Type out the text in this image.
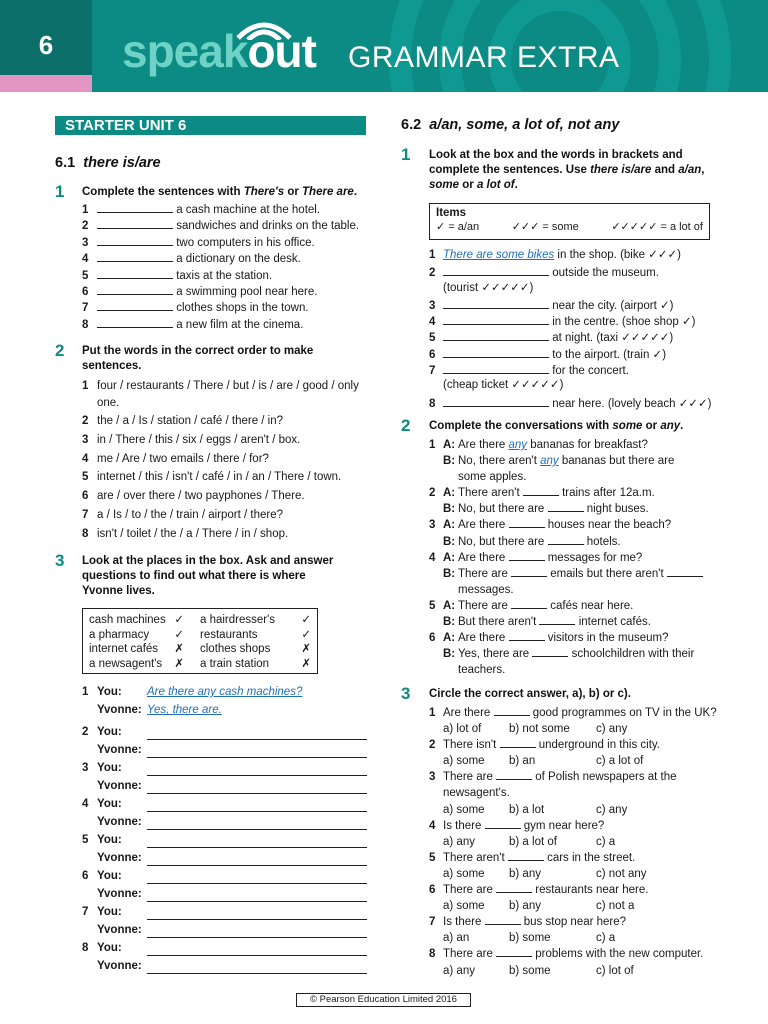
6	speakout GRAMMAR EXTRA
STARTER UNIT 6
6.1 there is/are
1 Complete the sentences with There's or There are.
1	a cash machine at the hotel.
2	sandwiches and drinks on the table.
3	two computers in his office.
4	a dictionary on the desk.
5	taxis at the station.
6	a swimming pool near here.
7	clothes shops in the town.
8	a new film at the cinema.
2 Put the words in the correct order to make sentences.
1 four / restaurants / There / but / is / are / good / only one.
2 the / a / Is / station / café / there / in?
3 in / There / this / six / eggs / aren't / box.
4 me / Are / two emails / there / for?
5 internet / this / isn't / café / in / an / There / town.
6 are / over there / two payphones / There.
7 a / Is / to / the / train / airport / there?
8 isn't / toilet / the / a / There / in / shop.
3 Look at the places in the box. Ask and answer questions to find out what there is where Yvonne lives.
cash machines ✓ a hairdresser's ✓
a pharmacy ✓ restaurants	✓
internet cafés ✗ clothes shops	✗
a newsagent's ✗ a train station	✗
1 You: Are there any cash machines?
Yvonne: Yes, there are.
2 You:
Yvonne:
3 You:
Yvonne:
4 You:
Yvonne:
5 You:
Yvonne:
6 You:
Yvonne:
7 You:
Yvonne:
8 You:
Yvonne:
6.2 a/an, some, a lot of, not any
1 Look at the box and the words in brackets and complete the sentences. Use there is/are and a/an, some or a lot of.
Items
✓ = a/an	✓✓✓ = some	✓✓✓✓✓ = a lot of
1 There are some bikes in the shop. (bike ✓✓✓)
2	outside the museum.
(tourist ✓✓✓✓✓)
3	near the city. (airport ✓)
4	in the centre. (shoe shop ✓)
5	at night. (taxi ✓✓✓✓✓)
6	to the airport. (train ✓)
7	for the concert.
(cheap ticket ✓✓✓✓✓)
8	near here. (lovely beach ✓✓✓)
2 Complete the conversations with some or any.
1 A: Are there any bananas for breakfast?
B: No, there aren't any bananas but there are
some apples.
2 A: There aren't	trains after 12a.m.
B: No, but there are	night buses.
3 A: Are there	houses near the beach?
B: No, but there are	hotels.
4 A: Are there	messages for me?
B: There are	emails but there aren't
messages.
5 A: There are	cafés near here.
B: But there aren't	internet cafés.
6 A: Are there	visitors in the museum?
B: Yes, there are	schoolchildren with their
teachers.
3 Circle the correct answer, a), b) or c).
1 Are there	good programmes on TV in the UK?
a) lot of b) not some c) any
2 There isn't	underground in this city.
a) some b) an	c) a lot of
3 There are	of Polish newspapers at the
newsagent's.
a) some b) a lot	c) any
4 Is there	gym near here?
a) any	b) a lot of	c) a
5 There aren't	cars in the street.
a) some b) any	c) not any
6 There are	restaurants near here.
a) some b) any	c) not a
7 Is there	bus stop near here?
a) an	b) some	c) a
8 There are	problems with the new computer.
a) any	b) some	c) lot of
© Pearson Education Limited 2016
